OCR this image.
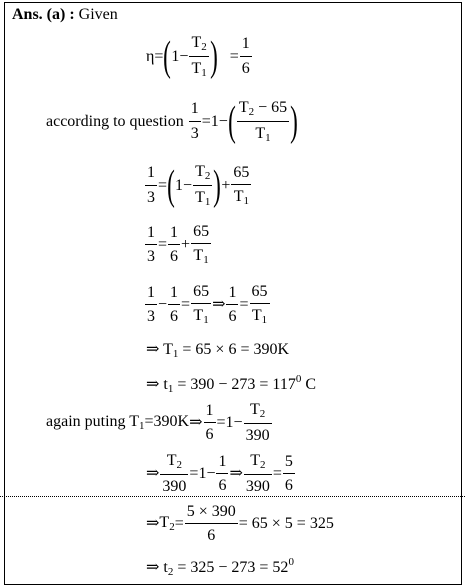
Ans. (a) : Given
$\eta=(1- \frac{T_2}{T_1}$ )   = $\frac{1}{6}$
according to question $\frac{1}{3} =1-( \frac{T_2 - 65}{T_1}$ )
$\frac{1}{3} =(1- \frac{T_2}{T_1}$ )+ $\frac{65}{T_1}$
$\frac{1}{3} = \frac{1}{6} + \frac{65}{T_1}$
$\frac{1}{3} - \frac{1}{6} = \frac{65}{T_1}$ ⇒ $\frac{1}{6} = \frac{65}{T_1}$
⇒ $T_1 = 65 \times 6 = 390K$
⇒ $t_1 = 390 - 273 = 117^0$ C
again puting $T_1=390K\Rightarrow \frac{1}{6} =1- \frac{T_2}{390}$
⇒ $\frac{T_2}{390} =1- \frac{1}{6}$ ⇒ $\frac{T_2}{390} = \frac{5}{6}$
$\Rightarrow T_2= \frac{5 \times 390}{6} = 65 \times 5 = 325$
⇒ $t_2 = 325 - 273 = 52^0$
